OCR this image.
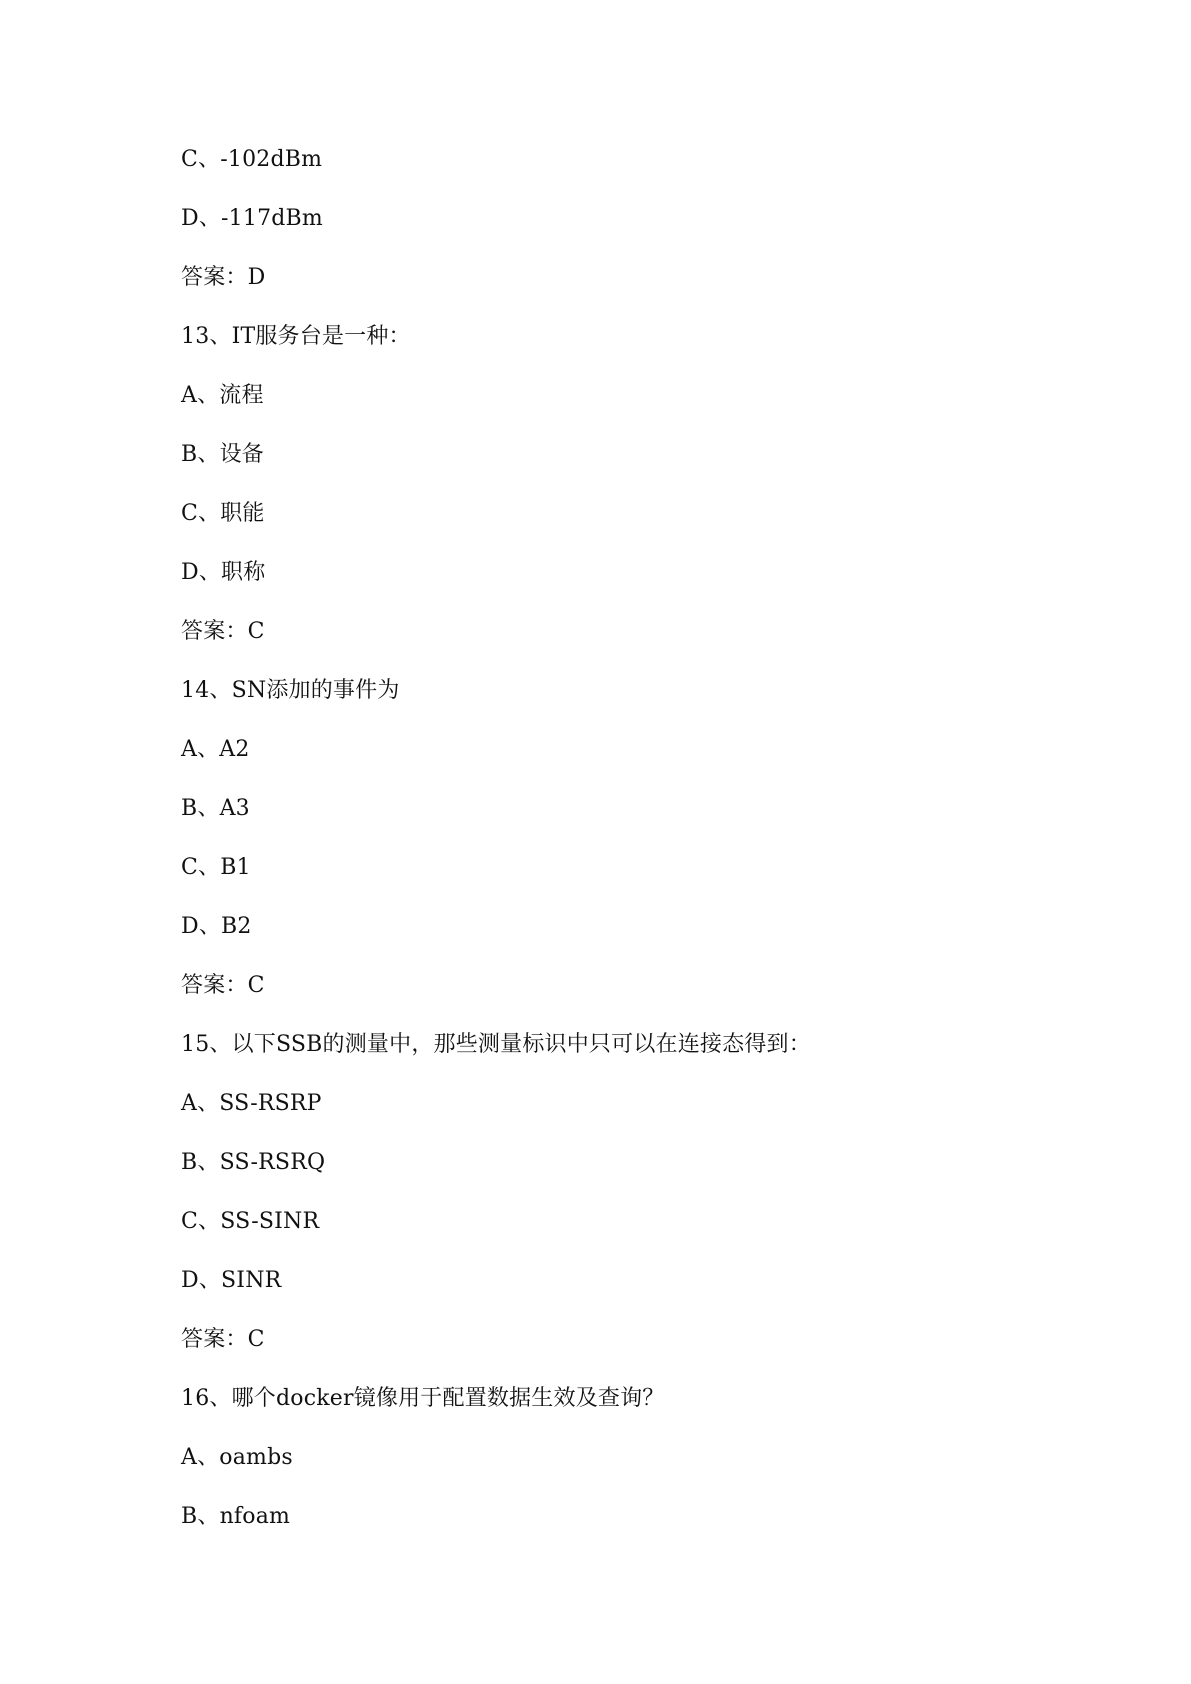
C、-102dBm
D、-117dBm
答案：D
13、IT服务台是一种：
A、流程
B、设备
C、职能
D、职称
答案：C
14、SN添加的事件为
A、A2
B、A3
C、B1
D、B2
答案：C
15、以下SSB的测量中，那些测量标识中只可以在连接态得到：
A、SS-RSRP
B、SS-RSRQ
C、SS-SINR
D、SINR
答案：C
16、哪个docker镜像用于配置数据生效及查询？
A、oambs
B、nfoam
